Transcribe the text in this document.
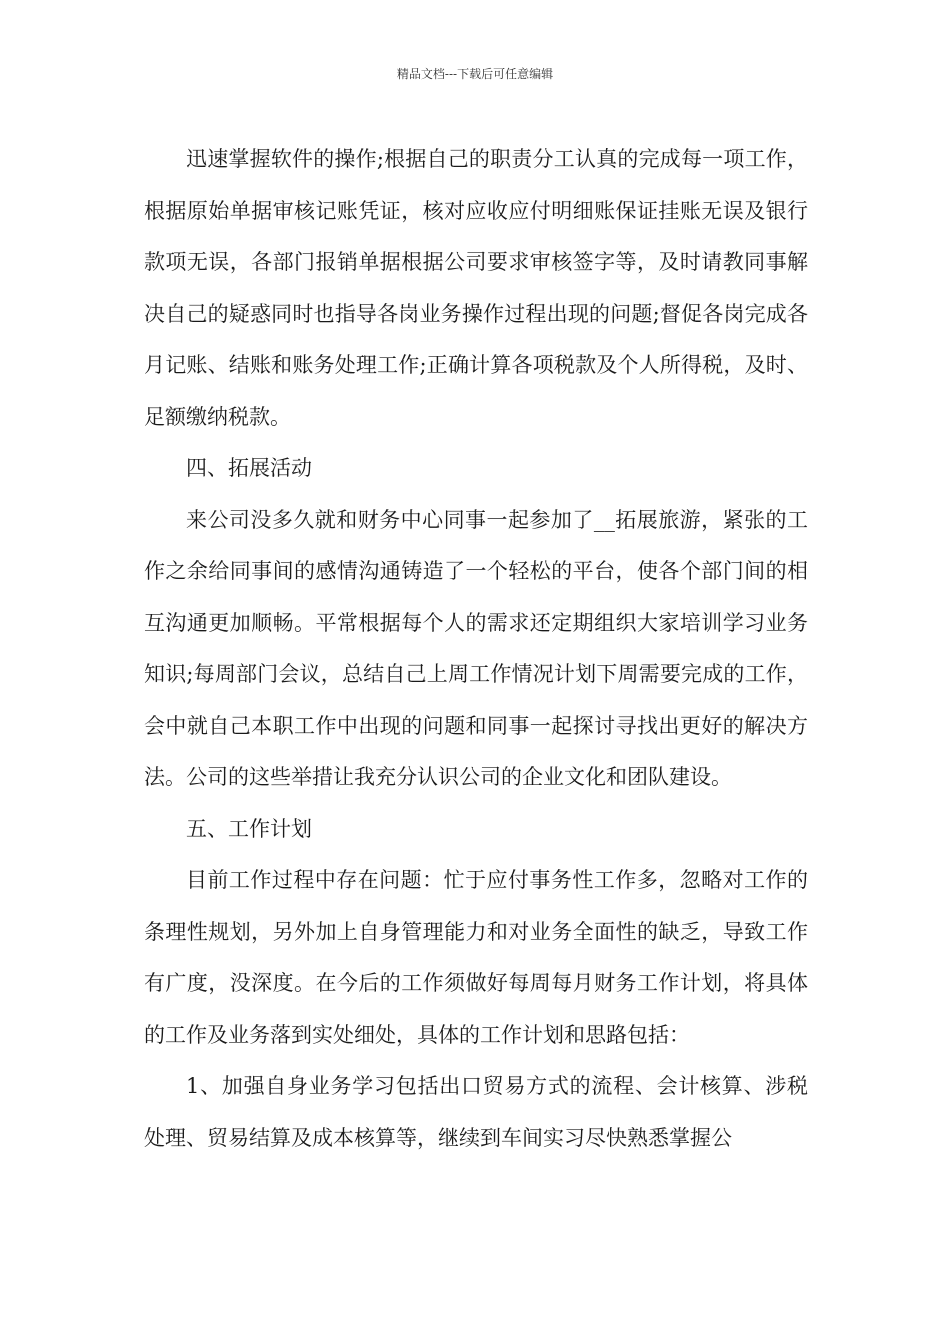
精品文档---下载后可任意编辑

迅速掌握软件的操作;根据自己的职责分工认真的完成每一项工作，根据原始单据审核记账凭证，核对应收应付明细账保证挂账无误及银行款项无误，各部门报销单据根据公司要求审核签字等，及时请教同事解决自己的疑惑同时也指导各岗业务操作过程出现的问题;督促各岗完成各月记账、结账和账务处理工作;正确计算各项税款及个人所得税，及时、足额缴纳税款。

四、拓展活动

来公司没多久就和财务中心同事一起参加了__拓展旅游，紧张的工作之余给同事间的感情沟通铸造了一个轻松的平台，使各个部门间的相互沟通更加顺畅。平常根据每个人的需求还定期组织大家培训学习业务知识;每周部门会议，总结自己上周工作情况计划下周需要完成的工作，会中就自己本职工作中出现的问题和同事一起探讨寻找出更好的解决方法。公司的这些举措让我充分认识公司的企业文化和团队建设。

五、工作计划

目前工作过程中存在问题：忙于应付事务性工作多，忽略对工作的条理性规划，另外加上自身管理能力和对业务全面性的缺乏，导致工作有广度，没深度。在今后的工作须做好每周每月财务工作计划，将具体的工作及业务落到实处细处，具体的工作计划和思路包括：

1、加强自身业务学习包括出口贸易方式的流程、会计核算、涉税处理、贸易结算及成本核算等，继续到车间实习尽快熟悉掌握公
